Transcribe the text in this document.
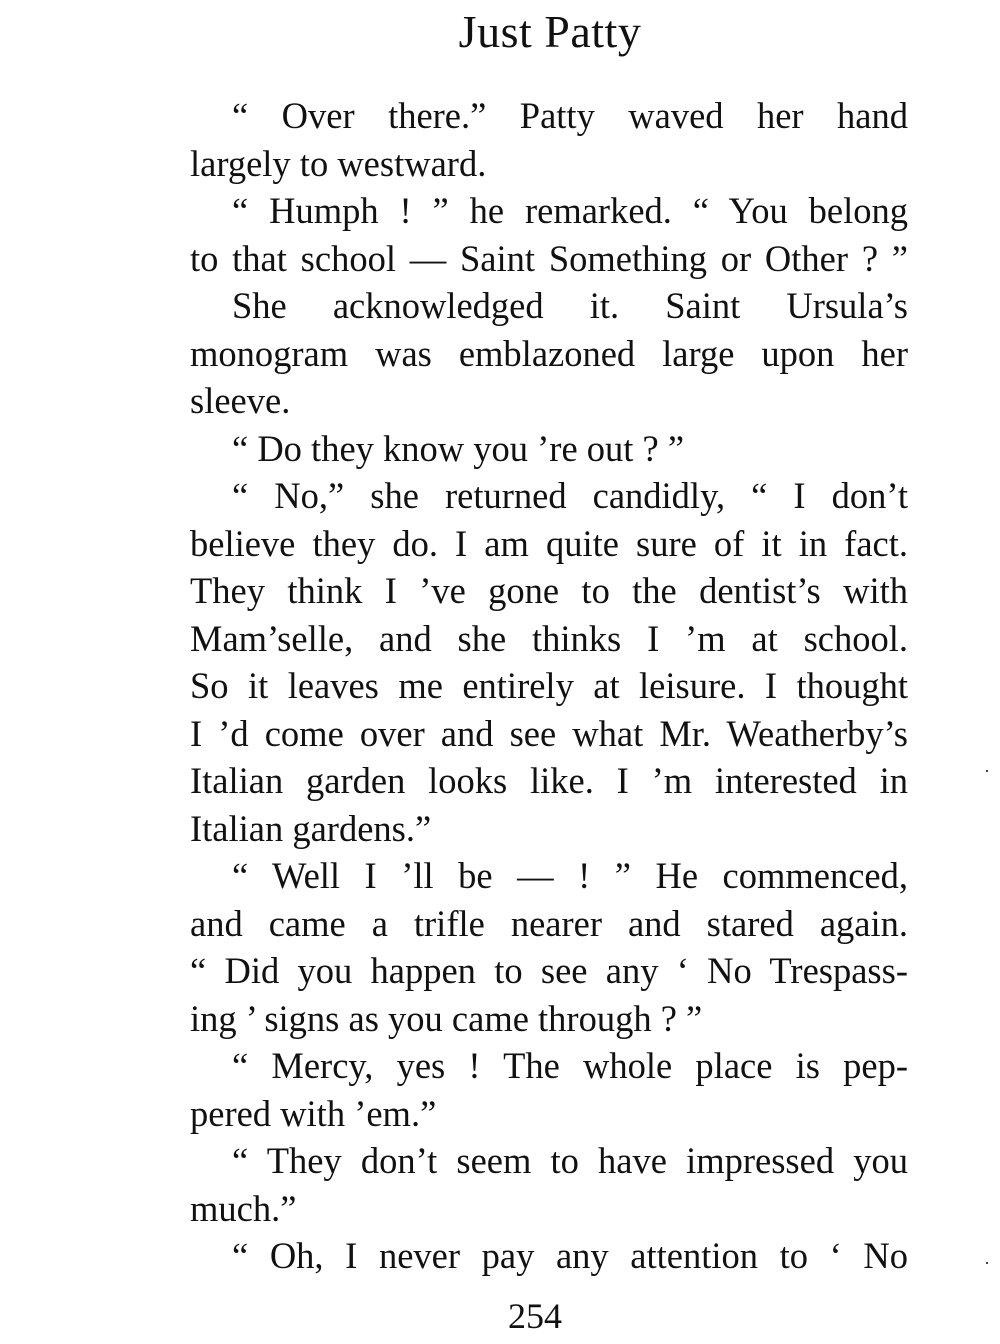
Just Patty
“ Over there.” Patty waved her hand
largely to westward.
“ Humph ! ” he remarked. “ You belong
to that school — Saint Something or Other ? ”
She acknowledged it. Saint Ursula’s
monogram was emblazoned large upon her
sleeve.
“ Do they know you ’re out ? ”
“ No,” she returned candidly, “ I don’t
believe they do. I am quite sure of it in fact.
They think I ’ve gone to the dentist’s with
Mam’selle, and she thinks I ’m at school.
So it leaves me entirely at leisure. I thought
I ’d come over and see what Mr. Weatherby’s
Italian garden looks like. I ’m interested in
Italian gardens.”
“ Well I ’ll be — ! ” He commenced,
and came a trifle nearer and stared again.
“ Did you happen to see any ‘ No Trespass-
ing ’ signs as you came through ? ”
“ Mercy, yes ! The whole place is pep-
pered with ’em.”
“ They don’t seem to have impressed you
much.”
“ Oh, I never pay any attention to ‘ No
254
